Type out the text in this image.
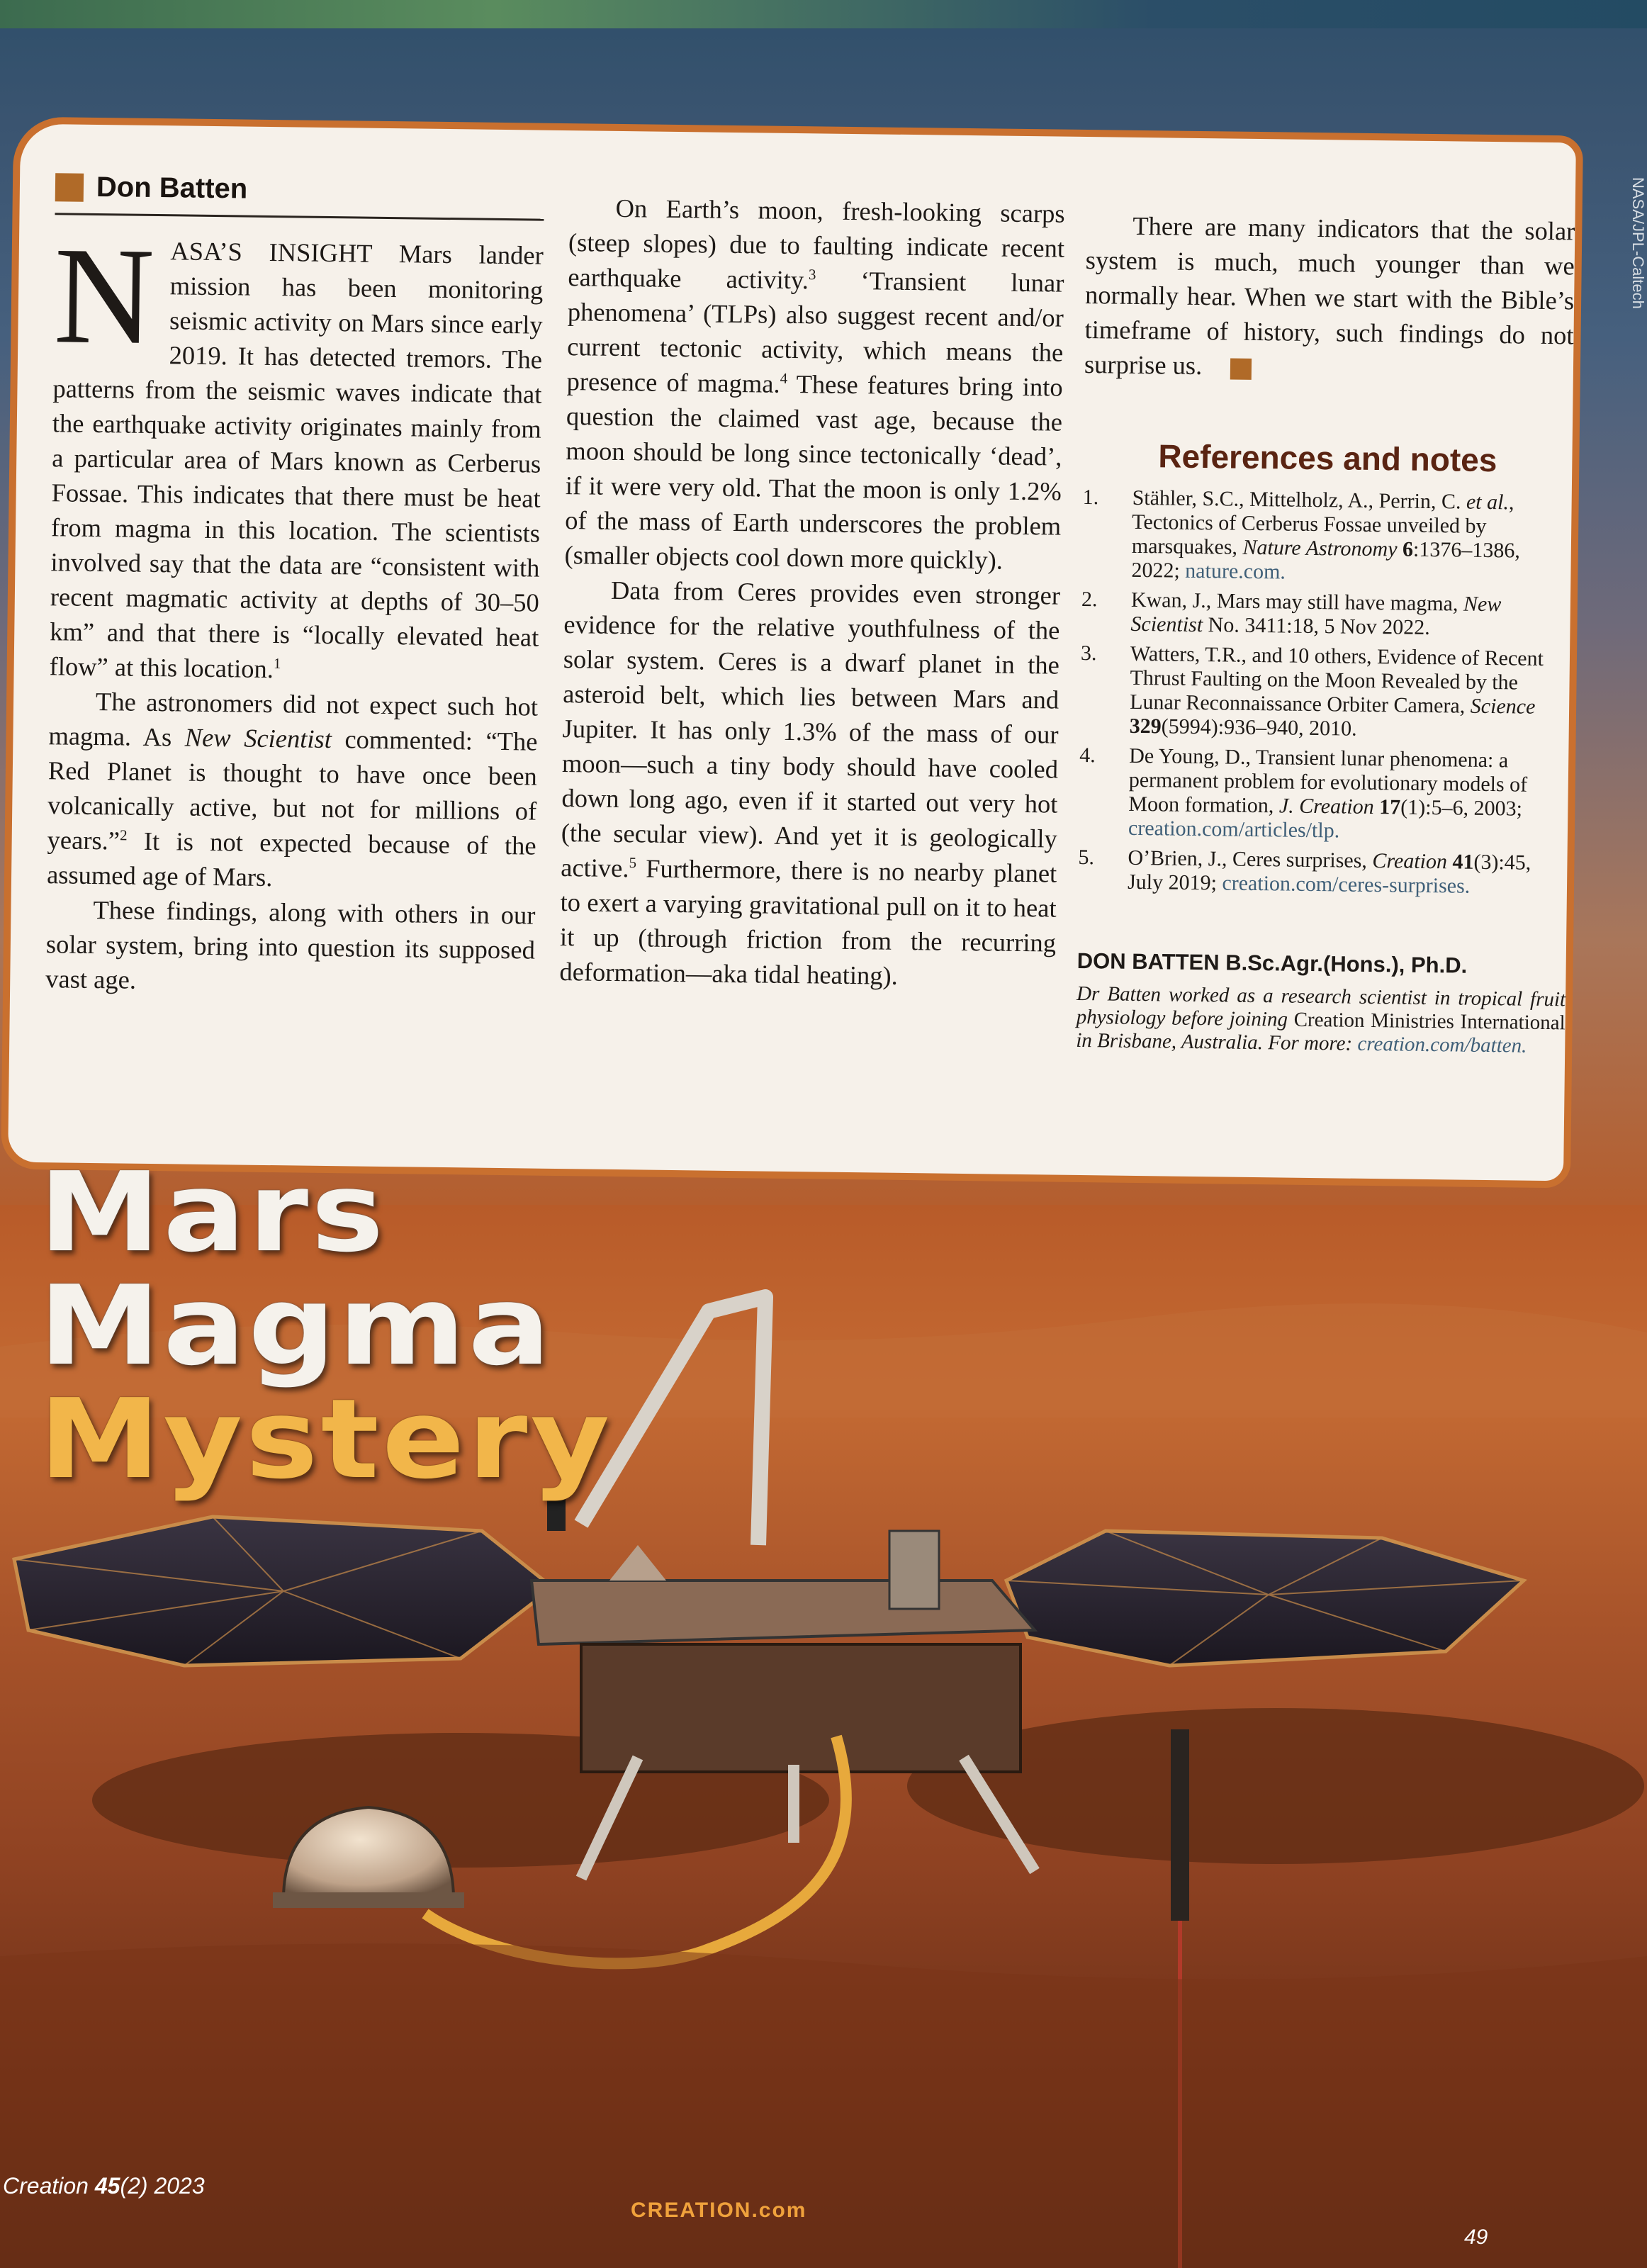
Don Batten

NASA’S INSIGHT Mars lander mission has been monitoring seismic activity on Mars since early 2019. It has detected tremors. The patterns from the seismic waves indicate that the earthquake activity originates mainly from a particular area of Mars known as Cerberus Fossae. This indicates that there must be heat from magma in this location. The scientists involved say that the data are “consistent with recent magmatic activity at depths of 30–50 km” and that there is “locally elevated heat flow” at this location.$^1$

The astronomers did not expect such hot magma. As New Scientist commented: “The Red Planet is thought to have once been volcanically active, but not for millions of years.”$^2$ It is not expected because of the assumed age of Mars.

These findings, along with others in our solar system, bring into question its supposed vast age.

On Earth’s moon, fresh-looking scarps (steep slopes) due to faulting indicate recent earthquake activity.$^3$ ‘Transient lunar phenomena’ (TLPs) also suggest recent and/or current tectonic activity, which means the presence of magma.$^4$ These features bring into question the claimed vast age, because the moon should be long since tectonically ‘dead’, if it were very old. That the moon is only 1.2% of the mass of Earth underscores the problem (smaller objects cool down more quickly).

Data from Ceres provides even stronger evidence for the relative youthfulness of the solar system. Ceres is a dwarf planet in the asteroid belt, which lies between Mars and Jupiter. It has only 1.3% of the mass of our moon—such a tiny body should have cooled down long ago, even if it started out very hot (the secular view). And yet it is geologically active.$^5$ Furthermore, there is no nearby planet to exert a varying gravitational pull on it to heat it up (through friction from the recurring deformation—aka tidal heating).

There are many indicators that the solar system is much, much younger than we normally hear. When we start with the Bible’s timeframe of history, such findings do not surprise us.

References and notes
1.	Stähler, S.C., Mittelholz, A., Perrin, C. et al., Tectonics of Cerberus Fossae unveiled by marsquakes, Nature Astronomy 6:1376–1386, 2022; nature.com.
2.	Kwan, J., Mars may still have magma, New Scientist No. 3411:18, 5 Nov 2022.
3.	Watters, T.R., and 10 others, Evidence of Recent Thrust Faulting on the Moon Revealed by the Lunar Reconnaissance Orbiter Camera, Science 329(5994):936–940, 2010.
4.	De Young, D., Transient lunar phenomena: a permanent problem for evolutionary models of Moon formation, J. Creation 17(1):5–6, 2003; creation.com/articles/tlp.
5.	O’Brien, J., Ceres surprises, Creation 41(3):45, July 2019; creation.com/ceres-surprises.
DON BATTEN B.Sc.Agr.(Hons.), Ph.D.
Dr Batten worked as a research scientist in tropical fruit physiology before joining Creation Ministries International in Brisbane, Australia. For more: creation.com/batten.
Mars
Magma
Mystery
Creation 45(2) 2023
CREATION.com
49
NASA/JPL-Caltech
